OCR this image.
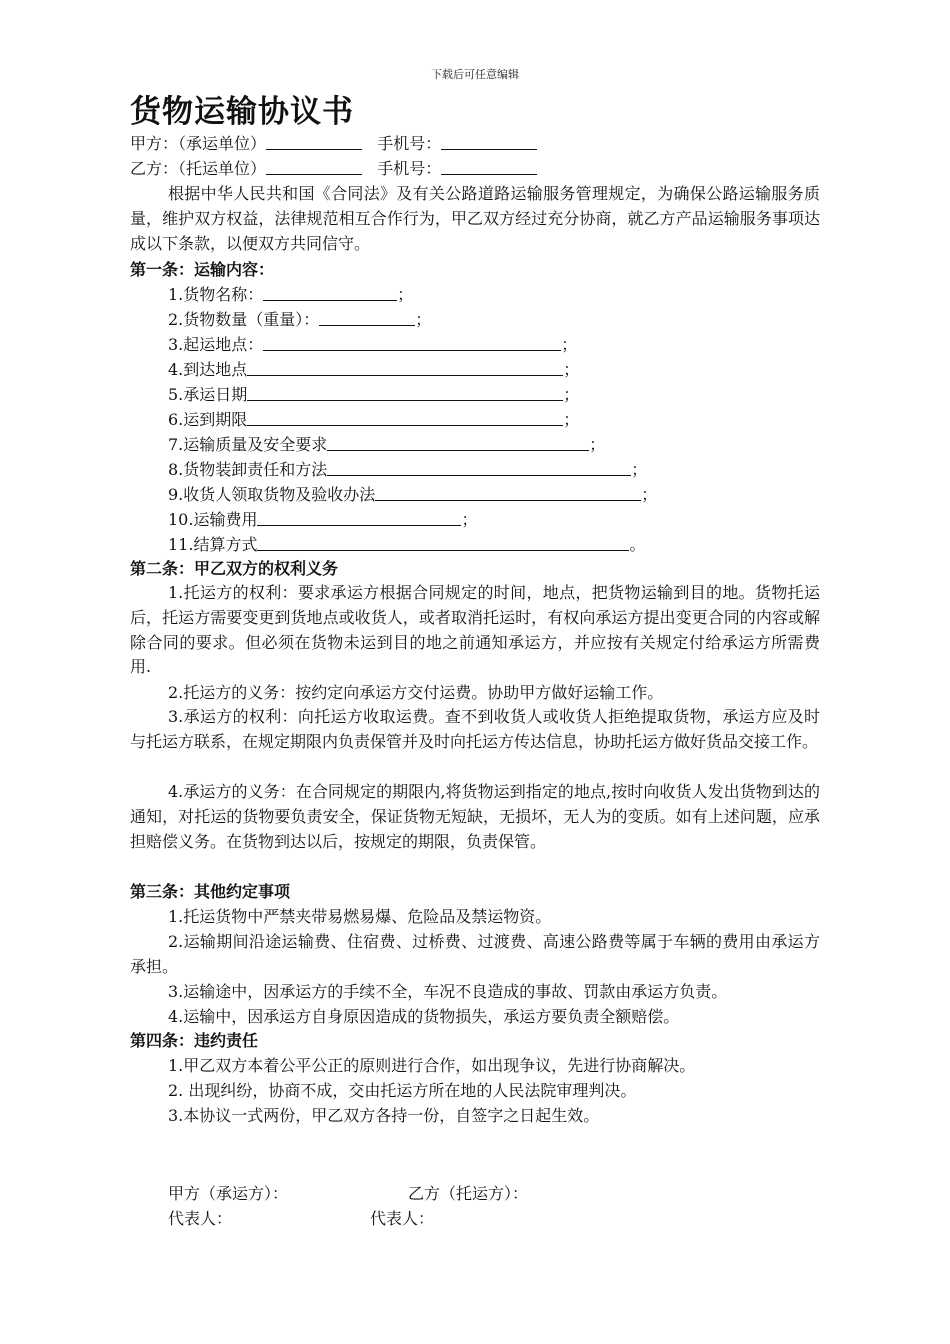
下载后可任意编辑
货物运输协议书
甲方：（承运单位）	手机号：
乙方：（托运单位）	手机号：
根据中华人民共和国《合同法》及有关公路道路运输服务管理规定，为确保公路运输服务质量，维护双方权益，法律规范相互合作行为，甲乙双方经过充分协商，就乙方产品运输服务事项达成以下条款，以便双方共同信守。
第一条：运输内容：
1.货物名称：	；
2.货物数量（重量）：	；
3.起运地点：	；
4.到达地点	；
5.承运日期	；
6.运到期限	；
7.运输质量及安全要求	；
8.货物装卸责任和方法	；
9.收货人领取货物及验收办法	；
10.运输费用	；
11.结算方式	。
第二条：甲乙双方的权利义务
1.托运方的权利：要求承运方根据合同规定的时间，地点，把货物运输到目的地。货物托运后，托运方需要变更到货地点或收货人，或者取消托运时，有权向承运方提出变更合同的内容或解除合同的要求。但必须在货物未运到目的地之前通知承运方，并应按有关规定付给承运方所需费用.
2.托运方的义务：按约定向承运方交付运费。协助甲方做好运输工作。
3.承运方的权利：向托运方收取运费。查不到收货人或收货人拒绝提取货物，承运方应及时与托运方联系，在规定期限内负责保管并及时向托运方传达信息，协助托运方做好货品交接工作。
4.承运方的义务：在合同规定的期限内,将货物运到指定的地点,按时向收货人发出货物到达的通知，对托运的货物要负责安全，保证货物无短缺，无损坏，无人为的变质。如有上述问题，应承担赔偿义务。在货物到达以后，按规定的期限，负责保管。
第三条：其他约定事项
1.托运货物中严禁夹带易燃易爆、危险品及禁运物资。
2.运输期间沿途运输费、住宿费、过桥费、过渡费、高速公路费等属于车辆的费用由承运方承担。
3.运输途中，因承运方的手续不全，车况不良造成的事故、罚款由承运方负责。
4.运输中，因承运方自身原因造成的货物损失，承运方要负责全额赔偿。
第四条：违约责任
1.甲乙双方本着公平公正的原则进行合作，如出现争议，先进行协商解决。
2. 出现纠纷，协商不成，交由托运方所在地的人民法院审理判决。
3.本协议一式两份，甲乙双方各持一份，自签字之日起生效。
甲方（承运方）：	乙方（托运方）：
代表人：	代表人：
